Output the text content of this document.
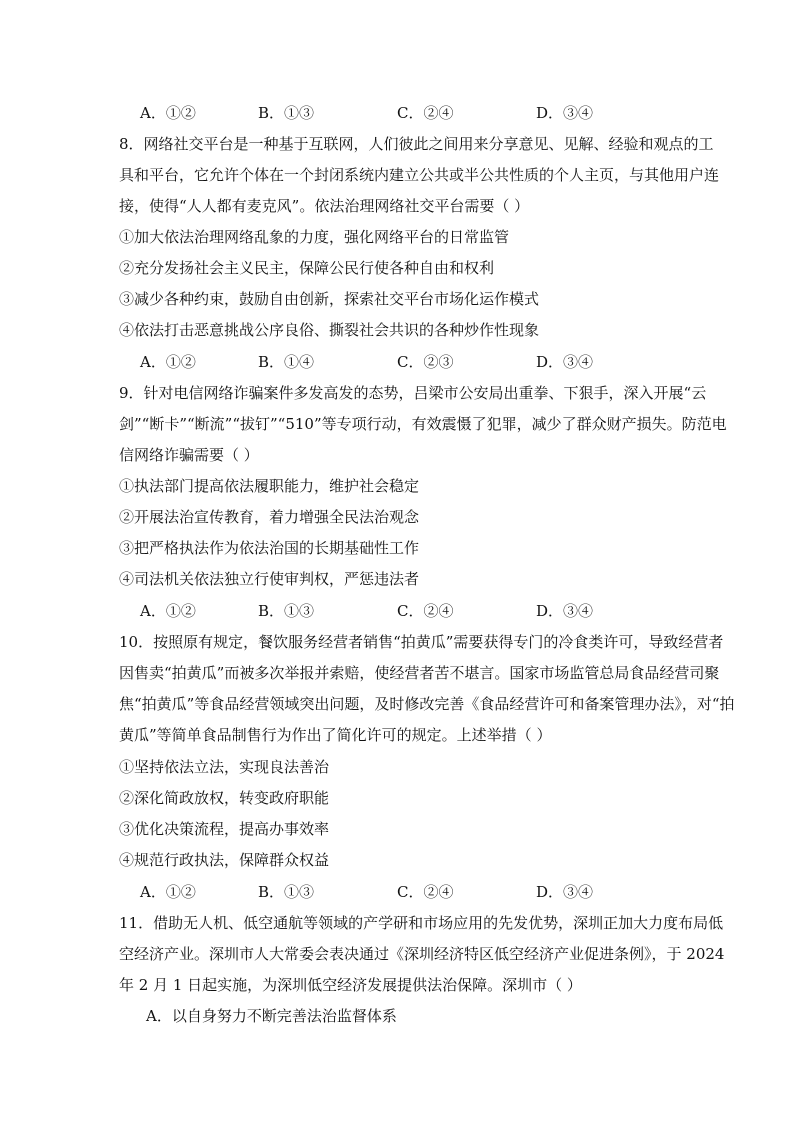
A．①②	B．①③	C．②④	D．③④
8．网络社交平台是一种基于互联网，人们彼此之间用来分享意见、见解、经验和观点的工
具和平台，它允许个体在一个封闭系统内建立公共或半公共性质的个人主页，与其他用户连
接，使得“人人都有麦克风”。依法治理网络社交平台需要（ ）
①加大依法治理网络乱象的力度，强化网络平台的日常监管
②充分发扬社会主义民主，保障公民行使各种自由和权利
③减少各种约束，鼓励自由创新，探索社交平台市场化运作模式
④依法打击恶意挑战公序良俗、撕裂社会共识的各种炒作性现象
A．①②	B．①④	C．②③	D．③④
9．针对电信网络诈骗案件多发高发的态势，吕梁市公安局出重拳、下狠手，深入开展“云
剑”“断卡”“断流”“拔钉”“510”等专项行动，有效震慑了犯罪，减少了群众财产损失。防范电
信网络诈骗需要（ ）
①执法部门提高依法履职能力，维护社会稳定
②开展法治宣传教育，着力增强全民法治观念
③把严格执法作为依法治国的长期基础性工作
④司法机关依法独立行使审判权，严惩违法者
A．①②	B．①③	C．②④	D．③④
10．按照原有规定，餐饮服务经营者销售“拍黄瓜”需要获得专门的冷食类许可，导致经营者
因售卖“拍黄瓜”而被多次举报并索赔，使经营者苦不堪言。国家市场监管总局食品经营司聚
焦“拍黄瓜”等食品经营领域突出问题，及时修改完善《食品经营许可和备案管理办法》，对“拍
黄瓜”等简单食品制售行为作出了简化许可的规定。上述举措（ ）
①坚持依法立法，实现良法善治
②深化简政放权，转变政府职能
③优化决策流程，提高办事效率
④规范行政执法，保障群众权益
A．①②	B．①③	C．②④	D．③④
11．借助无人机、低空通航等领域的产学研和市场应用的先发优势，深圳正加大力度布局低
空经济产业。深圳市人大常委会表决通过《深圳经济特区低空经济产业促进条例》，于 2024
年 2 月 1 日起实施，为深圳低空经济发展提供法治保障。深圳市（ ）
A．以自身努力不断完善法治监督体系
